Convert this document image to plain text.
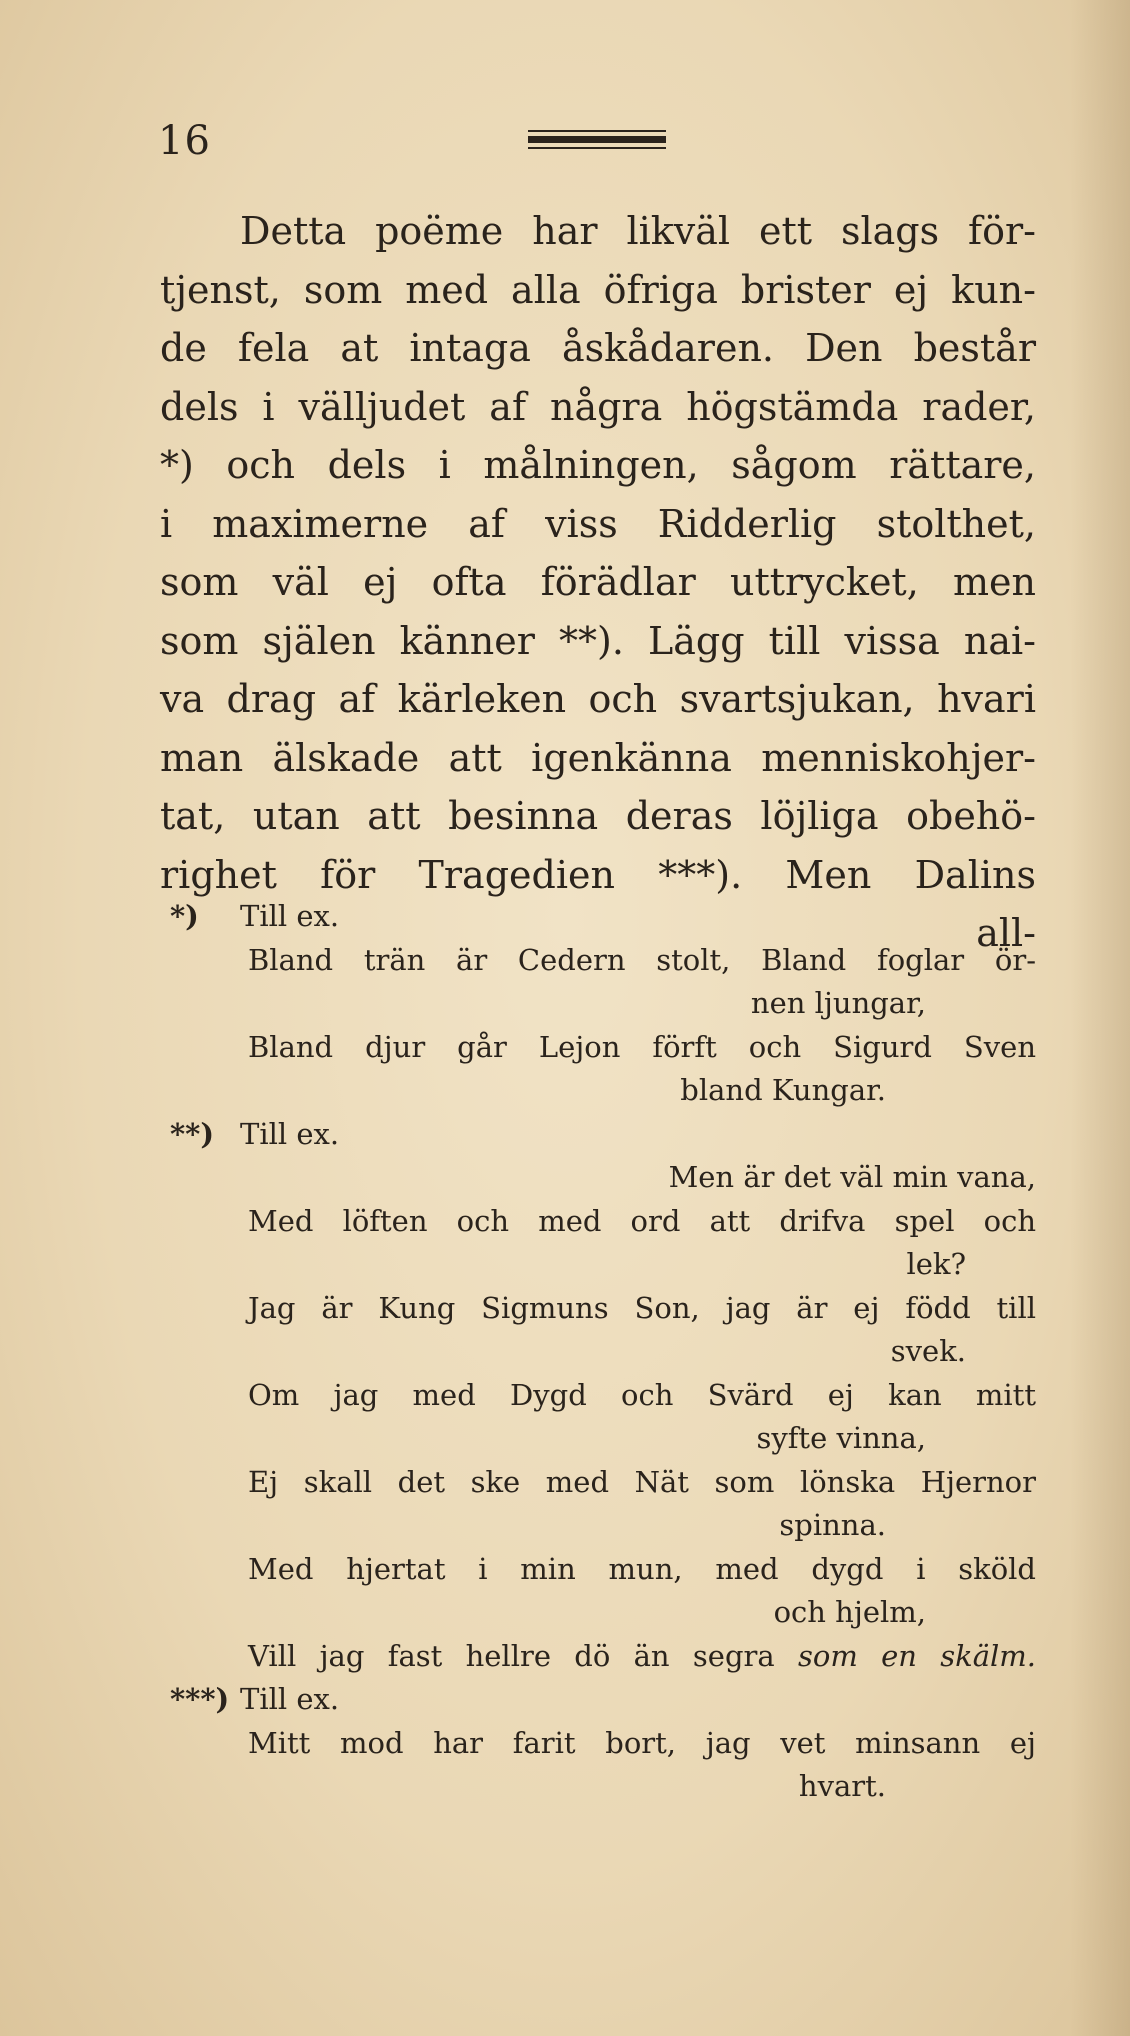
16
Detta poëme har likväl ett slags för-
tjenst, som med alla öfriga brister ej kun-
de fela at intaga åskådaren. Den består
dels i välljudet af några högstämda rader,
*) och dels i målningen, sågom rättare,
i maximerne af viss Ridderlig stolthet,
som väl ej ofta förädlar uttrycket, men
som själen känner **). Lägg till vissa nai-
va drag af kärleken och svartsjukan, hvari
man älskade att igenkänna menniskohjer-
tat, utan att besinna deras löjliga obehö-
righet för Tragedien ***). Men Dalins
all-
*) Till ex.
Bland trän är Cedern stolt, Bland foglar ör-
nen ljungar,
Bland djur går Lejon förft och Sigurd Sven
bland Kungar.
**) Till ex.
Men är det väl min vana,
Med löften och med ord att drifva spel och
lek?
Jag är Kung Sigmuns Son, jag är ej född till
svek.
Om jag med Dygd och Svärd ej kan mitt
syfte vinna,
Ej skall det ske med Nät som lönska Hjernor
spinna.
Med hjertat i min mun, med dygd i sköld
och hjelm,
Vill jag fast hellre dö än segra som en skälm.
***) Till ex.
Mitt mod har farit bort, jag vet minsann ej
hvart.
